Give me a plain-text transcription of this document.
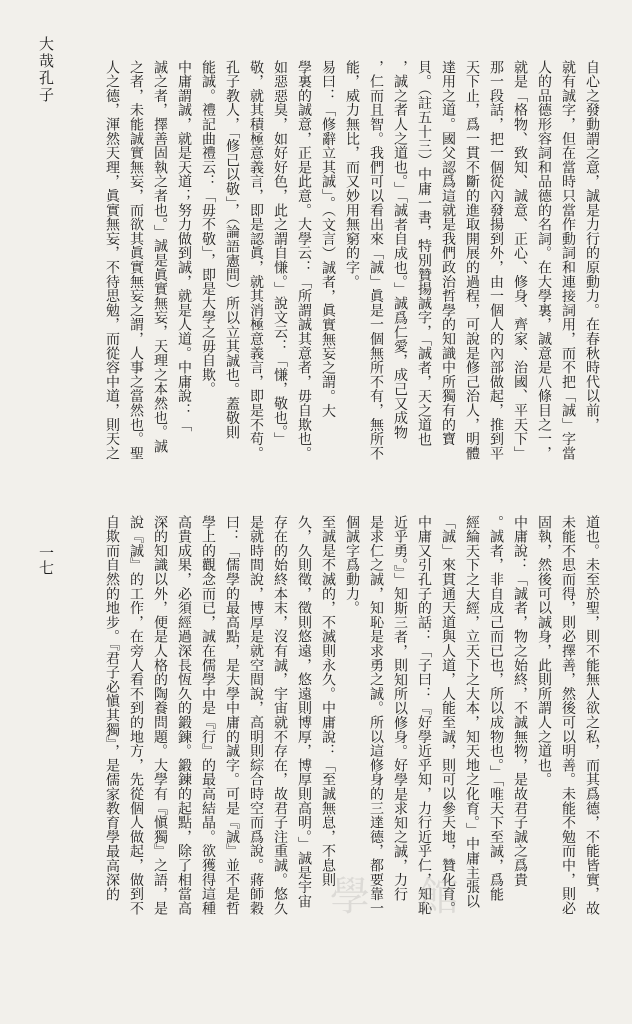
大哉孔子
一七
自心之發動謂之意，誠是力行的原動力。在春秋時代以前，
就有誠字，但在當時只當作動詞和連接詞用，而不把「誠」字當
人的品德形容詞和品德的名詞。在大學裏，誠意是八條目之一，
就是「格物、致知、誠意、正心、修身、齊家、治國、平天下」
那一段話，把一個從內發揚到外，由一個人的內部做起，推到平
天下止，爲一貫不斷的進取開展的過程，可說是修己治人，明體
達用之道。國父認爲這就是我們政治哲學的知識中所獨有的寶
貝。（註五十三）中庸一書，特別贊揚誠字，「誠者，天之道也
，誠之者人之道也。」「誠者自成也。」誠爲仁愛，成己又成物
，仁而且智。我們可以看出來「誠」眞是一個無所不有，無所不
能，威力無比，而又妙用無窮的字。
易曰：「修辭立其誠」。（文言）誠者，眞實無妄之謂。大
學裏的誠意，正是此意。大學云：「所謂誠其意者，毋自欺也。
如惡惡臭，如好好色，此之謂自慊。」說文云：「慊，敬也。」
敬，就其積極意義言，即是認眞，就其消極意義言，即是不苟。
孔子教人，「修己以敬」，（論語憲問）所以立其誠也。蓋敬則
能誠。禮記曲禮云：「毋不敬」，即是大學之毋自欺。
中庸謂誠，就是天道；努力做到誠，就是人道。中庸說：「
誠之者，擇善固執之者也。」誠是眞實無妄，天理之本然也。誠
之者，未能誠實無妄，而欲其眞實無妄之謂，人事之當然也。聖
人之德，渾然天理，眞實無妄，不待思勉，而從容中道，則天之
道也。未至於聖，則不能無人欲之私，而其爲德，不能皆實，故
未能不思而得，則必擇善，然後可以明善。未能不勉而中，則必
固執，然後可以誠身，此則所謂人之道也。
中庸說：「誠者，物之始終，不誠無物，是故君子誠之爲貴
。誠者，非自成己而已也，所以成物也。」「唯天下至誠，爲能
經綸天下之大經，立天下之大本，知天地之化育。」中庸主張以
「誠」來貫通天道與人道，人能至誠，則可以參天地，贊化育。
中庸又引孔子的話：「子曰：『好學近乎知，力行近乎仁，知恥
近乎勇。』」知斯三者，則知所以修身。好學是求知之誠，力行
是求仁之誠，知恥是求勇之誠。所以這修身的三達德，都要靠一
個誠字爲動力。
至誠是不滅的，不滅則永久。中庸說：「至誠無息，不息則
久，久則徵，徵則悠遠，悠遠則博厚，博厚則高明。」誠是宇宙
存在的始終本末，沒有誠，宇宙就不存在，故君子注重誠。悠久
是就時間說，博厚是就空間說，高明則綜合時空而爲說。蔣師穀
曰：「儒學的最高點，是大學中庸的誠字。可是『誠』並不是哲
學上的觀念而已，誠在儒學中是『行』的最高結晶。欲獲得這種
高貴成果，必須經過深長恆久的鍛鍊。鍛鍊的起點，除了相當高
深的知識以外，便是人格的陶養問題。大學有『愼獨』之語，是
說『誠』的工作，在旁人看不到的地方，先從個人做起，做到不
自欺而自然的地步。『君子必愼其獨』，是儒家教育學最高深的	學 館
